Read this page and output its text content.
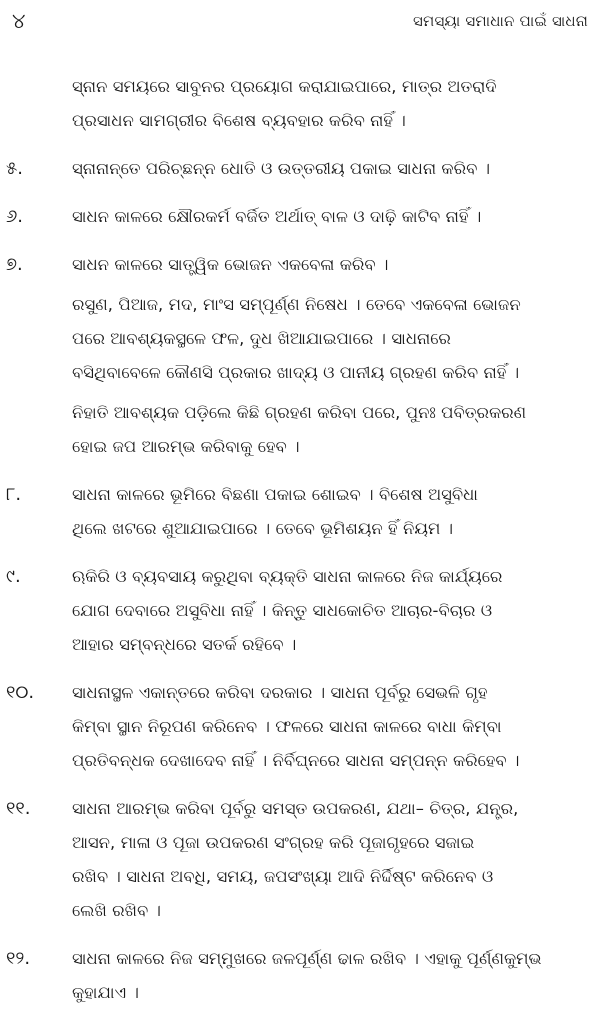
୪	ସମସ୍ୟା ସମାଧାନ ପାଇଁ ସାଧନା
ସ୍ନାନ ସମୟରେ ସାବୁନର ପ୍ରୟୋଗ କରାଯାଇପାରେ, ମାତ୍ର ଅତରାଦି
ପ୍ରସାଧନ ସାମଗ୍ରୀର ବିଶେଷ ବ୍ୟବହାର କରିବ ନାହିଁ ।
୫.	ସ୍ନାନାନ୍ତେ ପରିଚ୍ଛନ୍ନ ଧୋତି ଓ ଉତ୍ତରୀୟ ପକାଇ ସାଧନା କରିବ ।
୬.	ସାଧନ କାଳରେ କ୍ଷୌରକର୍ମ ବର୍ଜିତ ଅର୍ଥାତ୍ ବାଳ ଓ ଦାଢ଼ି କାଟିବ ନାହିଁ ।
୭.	ସାଧନ କାଳରେ ସାତ୍ତ୍ୱିକ ଭୋଜନ ଏକବେଳା କରିବ ।
ରସୁଣ, ପିଆଜ, ମଦ, ମାଂସ ସମ୍ପୂର୍ଣ୍ଣ ନିଷେଧ । ତେବେ ଏକବେଳା ଭୋଜନ
ପରେ ଆବଶ୍ୟକସ୍ଥଳେ ଫଳ, ଦୁଧ ଖିଆଯାଇପାରେ । ସାଧନାରେ
ବସିଥିବାବେଳେ କୌଣସି ପ୍ରକାର ଖାଦ୍ୟ ଓ ପାନୀୟ ଗ୍ରହଣ କରିବ ନାହିଁ ।
ନିହାତି ଆବଶ୍ୟକ ପଡ଼ିଲେ କିଛି ଗ୍ରହଣ କରିବା ପରେ, ପୁନଃ ପବିତ୍ରକରଣ
ହୋଇ ଜପ ଆରମ୍ଭ କରିବାକୁ ହେବ ।
୮.	ସାଧନା କାଳରେ ଭୂମିରେ ବିଛଣା ପକାଇ ଶୋଇବ । ବିଶେଷ ଅସୁବିଧା
ଥିଲେ ଖଟରେ ଶୁଆଯାଇପାରେ । ତେବେ ଭୂମିଶୟନ ହିଁ ନିୟମ ।
୯.	ଋକିରି ଓ ବ୍ୟବସାୟ କରୁଥିବା ବ୍ୟକ୍ତି ସାଧନା କାଳରେ ନିଜ କାର୍ଯ୍ୟରେ
ଯୋଗ ଦେବାରେ ଅସୁବିଧା ନାହିଁ । କିନ୍ତୁ ସାଧକୋଚିତ ଆଚାର-ବିଚାର ଓ
ଆହାର ସମ୍ବନ୍ଧରେ ସତର୍କ ରହିବେ ।
୧୦.	ସାଧନାସ୍ଥଳ ଏକାନ୍ତରେ କରିବା ଦରକାର । ସାଧନା ପୂର୍ବରୁ ସେଭଳି ଗୃହ
କିମ୍ବା ସ୍ଥାନ ନିରୂପଣ କରିନେବ । ଫଳରେ ସାଧନା କାଳରେ ବାଧା କିମ୍ବା
ପ୍ରତିବନ୍ଧକ ଦେଖାଦେବ ନାହିଁ । ନିର୍ବିଘ୍ନରେ ସାଧନା ସମ୍ପନ୍ନ କରିହେବ ।
୧୧.	ସାଧନା ଆରମ୍ଭ କରିବା ପୂର୍ବରୁ ସମସ୍ତ ଉପକରଣ, ଯଥା– ଚିତ୍ର, ଯନ୍ତ୍ର,
ଆସନ, ମାଳା ଓ ପୂଜା ଉପକରଣ ସଂଗ୍ରହ କରି ପୂଜାଗୃହରେ ସଜାଇ
ରଖିବ । ସାଧନା ଅବଧି, ସମୟ, ଜପସଂଖ୍ୟା ଆଦି ନିର୍ଦ୍ଦିଷ୍ଟ କରିନେବ ଓ
ଲେଖି ରଖିବ ।
୧୨.	ସାଧନା କାଳରେ ନିଜ ସମ୍ମୁଖରେ ଜଳପୂର୍ଣ୍ଣ ଢାଳ ରଖିବ । ଏହାକୁ ପୂର୍ଣ୍ଣକୁମ୍ଭ
କୁହାଯାଏ ।
